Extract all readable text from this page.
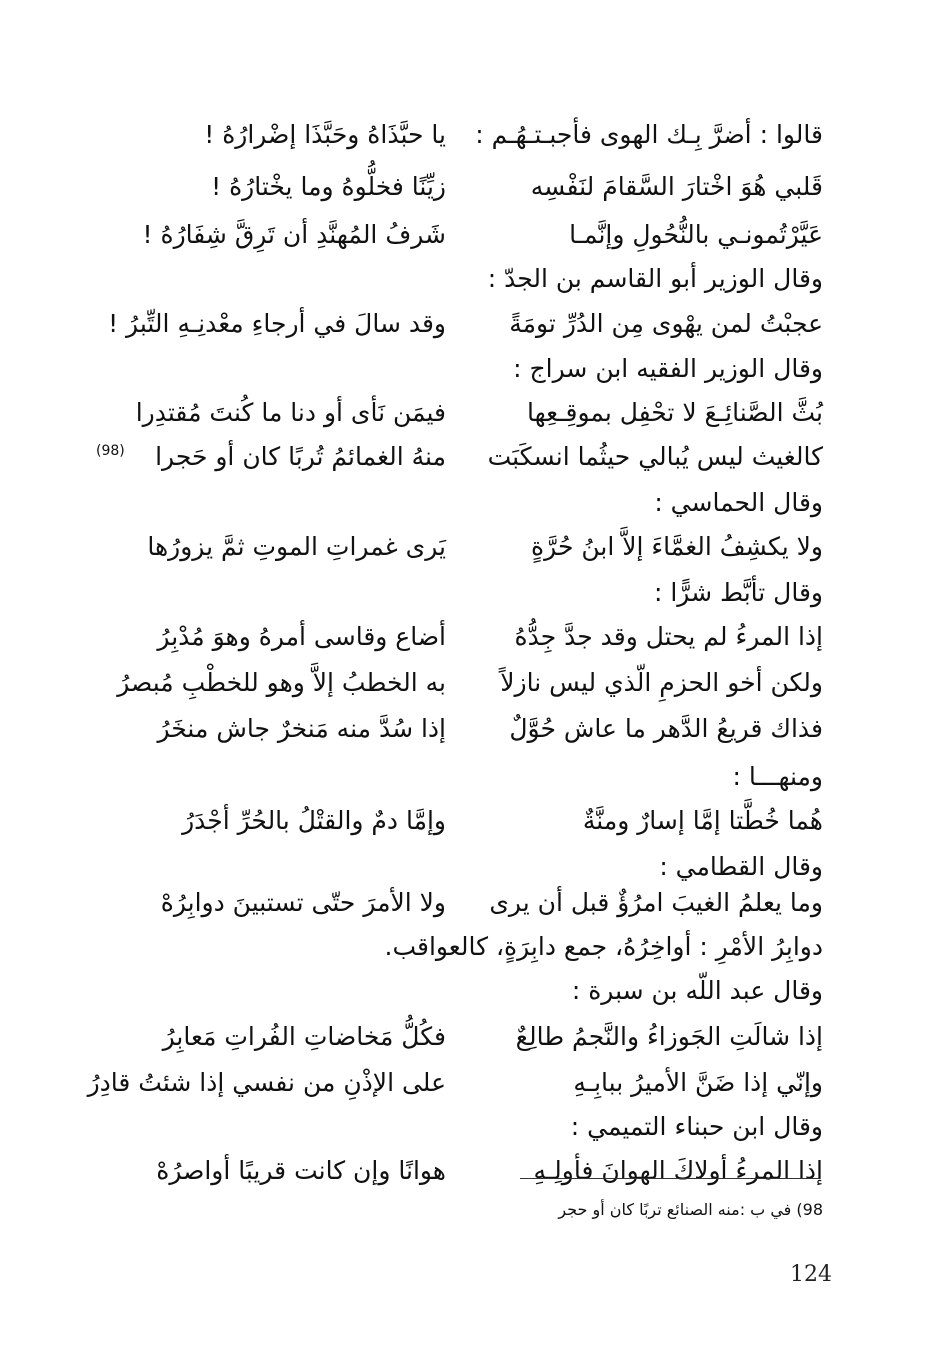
قالوا : أضرَّ بِـك الهوى فأجبـتـهُـم :
يا حبَّذَاهُ وحَبَّذَا إضْرارُهُ !
قَلبي هُوَ اخْتارَ السَّقامَ لنَفْسِه
زيِّنًا فخلُّوهُ وما يخْتارُهُ !
عَيَّرْتُمونـي بالنُّحُولِ وإنَّمـا
شَرفُ المُهنَّدِ أن تَرِقَّ شِفَارُهُ !
وقال الوزير أبو القاسم بن الجدّ :
عجبْتُ لمن يهْوى مِن الدُرِّ تومَةً
وقد سالَ في أرجاءِ معْدنِـهِ التِّبرُ !
وقال الوزير الفقيه ابن سراج :
بُثَّ الصَّنائِـعَ لا تحْفِل بموقِـعِها
فيمَن نَأى أو دنا ما كُنتَ مُقتدِرا
كالغيث ليس يُبالي حيثُما انسكَبَت
منهُ الغمائمُ تُربًا كان أو حَجرا
(98)
وقال الحماسي :
ولا يكشِفُ الغمَّاءَ إلاَّ ابنُ حُرَّةٍ
يَرى غمراتِ الموتِ ثمَّ يزورُها
وقال تأبَّط شرًّا :
إذا المرءُ لم يحتل وقد جدَّ جِدُّهُ
أضاع وقاسى أمرهُ وهوَ مُدْبِرُ
ولكن أخو الحزمِ الّذي ليس نازلاً
به الخطبُ إلاَّ وهو للخطْبِ مُبصرُ
فذاك قريعُ الدَّهر ما عاش حُوَّلٌ
إذا سُدَّ منه مَنخرٌ جاش منخَرُ
ومنهـــا :
هُما خُطَّتا إمَّا إسارٌ ومنَّةٌ
وإمَّا دمٌ والقتْلُ بالحُرِّ أجْدَرُ
وقال القطامي :
وما يعلمُ الغيبَ امرُؤٌ قبل أن يرى
ولا الأمرَ حتّى تستبينَ دوابِرُهْ
دوابِرُ الأمْرِ : أواخِرُهُ، جمع دابِرَةٍ، كالعواقب.
وقال عبد اللّه بن سبرة :
إذا شالَتِ الجَوزاءُ والنَّجمُ طالِعٌ
فكُلُّ مَخاضاتِ الفُراتِ مَعابِرُ
وإنّي إذا ضَنَّ الأميرُ ببابِـهِ
على الإذْنِ من نفسي إذا شئتُ قادِرُ
وقال ابن حبناء التميمي :
إذا المرءُ أولاكَ الهوانَ فأولِـهِ
هوانًا وإن كانت قريبًا أواصرُهْ
98) في ب :منه الصنائع تربًا كان أو حجر
124
